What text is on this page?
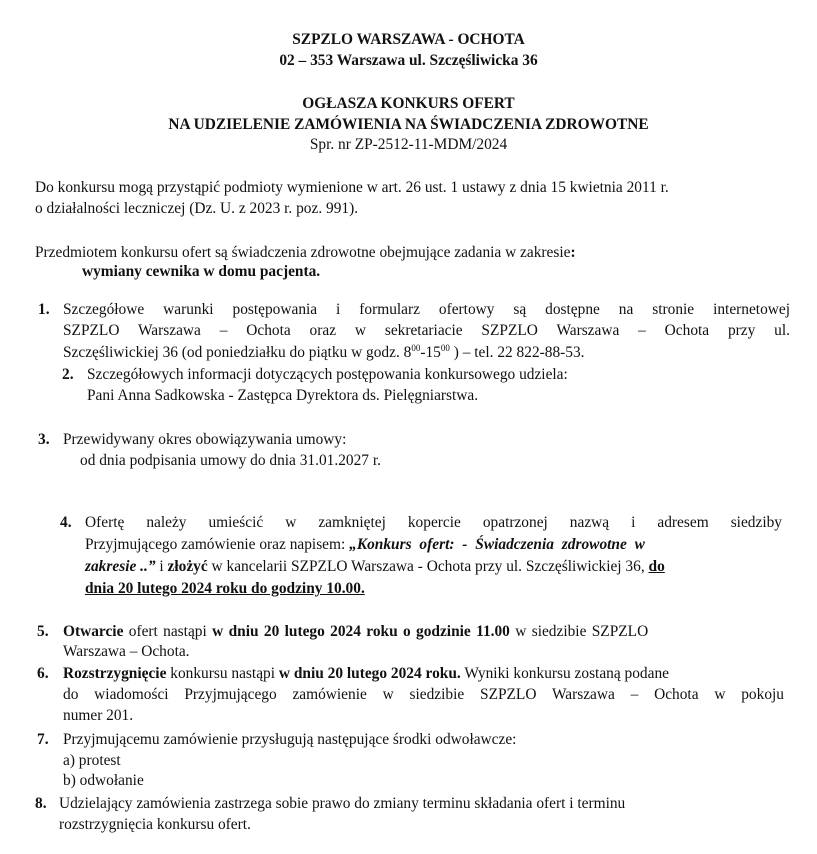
SZPZLO WARSZAWA - OCHOTA
02 – 353 Warszawa ul. Szczęśliwicka 36
OGŁASZA KONKURS OFERT
NA UDZIELENIE ZAMÓWIENIA NA ŚWIADCZENIA ZDROWOTNE
Spr. nr ZP-2512-11-MDM/2024
Do konkursu mogą przystąpić podmioty wymienione w art. 26 ust. 1 ustawy z dnia 15 kwietnia 2011 r.
o działalności leczniczej (Dz. U. z 2023 r. poz. 991).
Przedmiotem konkursu ofert są świadczenia zdrowotne obejmujące zadania w zakresie:
wymiany cewnika w domu pacjenta.
1. Szczegółowe warunki postępowania i formularz ofertowy są dostępne na stronie internetowej
SZPZLO Warszawa – Ochota oraz w sekretariacie SZPZLO Warszawa – Ochota przy ul.
Szczęśliwickiej 36 (od poniedziałku do piątku w godz. $8^{00}-15^{00}$ ) – tel. 22 822-88-53.
2. Szczegółowych informacji dotyczących postępowania konkursowego udziela:
Pani Anna Sadkowska - Zastępca Dyrektora ds. Pielęgniarstwa.
3. Przewidywany okres obowiązywania umowy:
od dnia podpisania umowy do dnia 31.01.2027 r.
4. Ofertę należy umieścić w zamkniętej kopercie opatrzonej nazwą i adresem siedziby
Przyjmującego zamówienie oraz napisem: „Konkurs ofert: - Świadczenia zdrowotne w
zakresie ..” i złożyć w kancelarii SZPZLO Warszawa - Ochota przy ul. Szczęśliwickiej 36, do
dnia 20 lutego 2024 roku do godziny 10.00.
5. Otwarcie ofert nastąpi w dniu 20 lutego 2024 roku o godzinie 11.00 w siedzibie SZPZLO
Warszawa – Ochota.
6. Rozstrzygnięcie konkursu nastąpi w dniu 20 lutego 2024 roku. Wyniki konkursu zostaną podane
do wiadomości Przyjmującego zamówienie w siedzibie SZPZLO Warszawa – Ochota w pokoju
numer 201.
7. Przyjmującemu zamówienie przysługują następujące środki odwoławcze:
a) protest
b) odwołanie
8. Udzielający zamówienia zastrzega sobie prawo do zmiany terminu składania ofert i terminu
rozstrzygnięcia konkursu ofert.
